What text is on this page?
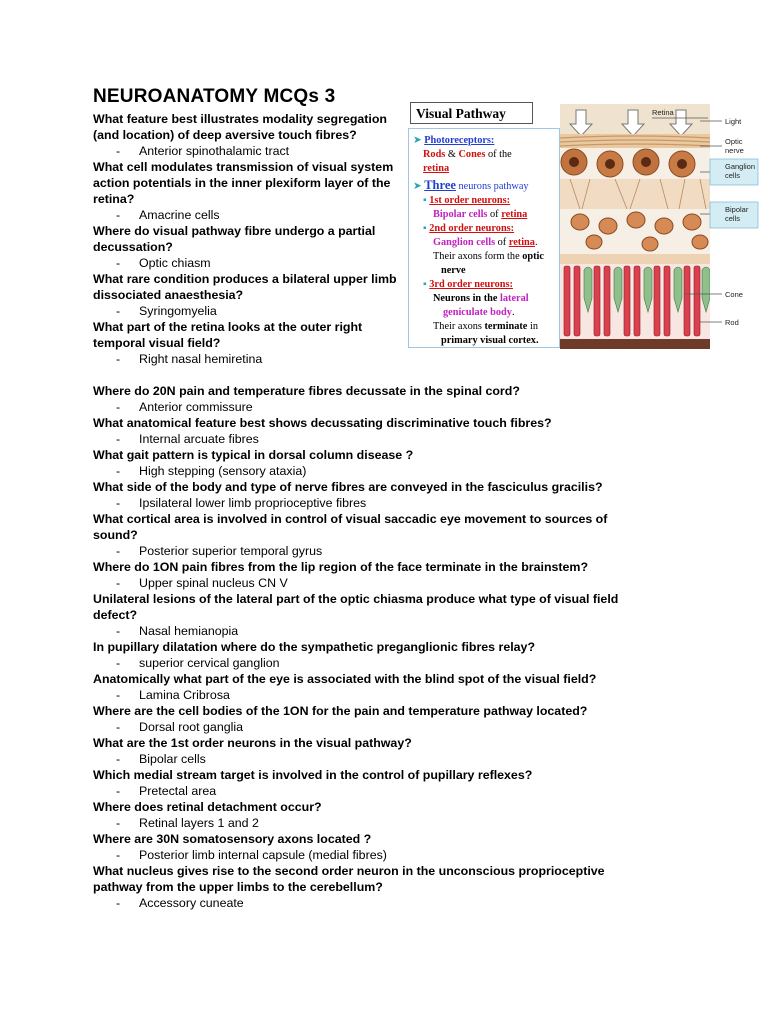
NEUROANATOMY MCQs 3

What feature best illustrates modality segregation (and location) of deep aversive touch fibres?

- Anterior spinothalamic tract

What cell modulates transmission of visual system action potentials in the inner plexiform layer of the retina?

- Amacrine cells

Where do visual pathway fibre undergo a partial decussation?

- Optic chiasm

What rare condition produces a bilateral upper limb dissociated anaesthesia?

- Syringomyelia

What part of the retina looks at the outer right temporal visual field?

- Right nasal hemiretina

Visual Pathway

➤ Photoreceptors:

Rods & Cones of the

retina

➤ Three neurons pathway

▪ 1st order neurons:

Bipolar cells of retina

▪ 2nd order neurons:

Ganglion cells of retina.

Their axons form the optic

nerve

▪ 3rd order neurons:

Neurons in the lateral

geniculate body.

Their axons terminate in

primary visual cortex.

Retina
Light
Optic
nerve
Ganglion
cells
Bipolar
cells
Cone
Rod

Where do 20N pain and temperature fibres decussate in the spinal cord?

- Anterior commissure

What anatomical feature best shows decussating discriminative touch fibres?

- Internal arcuate fibres

What gait pattern is typical in dorsal column disease ?

- High stepping (sensory ataxia)

What side of the body and type of nerve fibres are conveyed in the fasciculus gracilis?

- Ipsilateral lower limb proprioceptive fibres

What cortical area is involved in control of visual saccadic eye movement to sources of sound?

- Posterior superior temporal gyrus

Where do 1ON pain fibres from the lip region of the face terminate in the brainstem?

- Upper spinal nucleus CN V

Unilateral lesions of the lateral part of the optic chiasma produce what type of visual field defect?

- Nasal hemianopia

In pupillary dilatation where do the sympathetic preganglionic fibres relay?

- superior cervical ganglion

Anatomically what part of the eye is associated with the blind spot of the visual field?

- Lamina Cribrosa

Where are the cell bodies of the 1ON for the pain and temperature pathway located?

- Dorsal root ganglia

What are the 1st order neurons in the visual pathway?

- Bipolar cells

Which medial stream target is involved in the control of pupillary reflexes?

- Pretectal area

Where does retinal detachment occur?

- Retinal layers 1 and 2

Where are 30N somatosensory axons located ?

- Posterior limb internal capsule (medial fibres)

What nucleus gives rise to the second order neuron in the unconscious proprioceptive pathway from the upper limbs to the cerebellum?

- Accessory cuneate
